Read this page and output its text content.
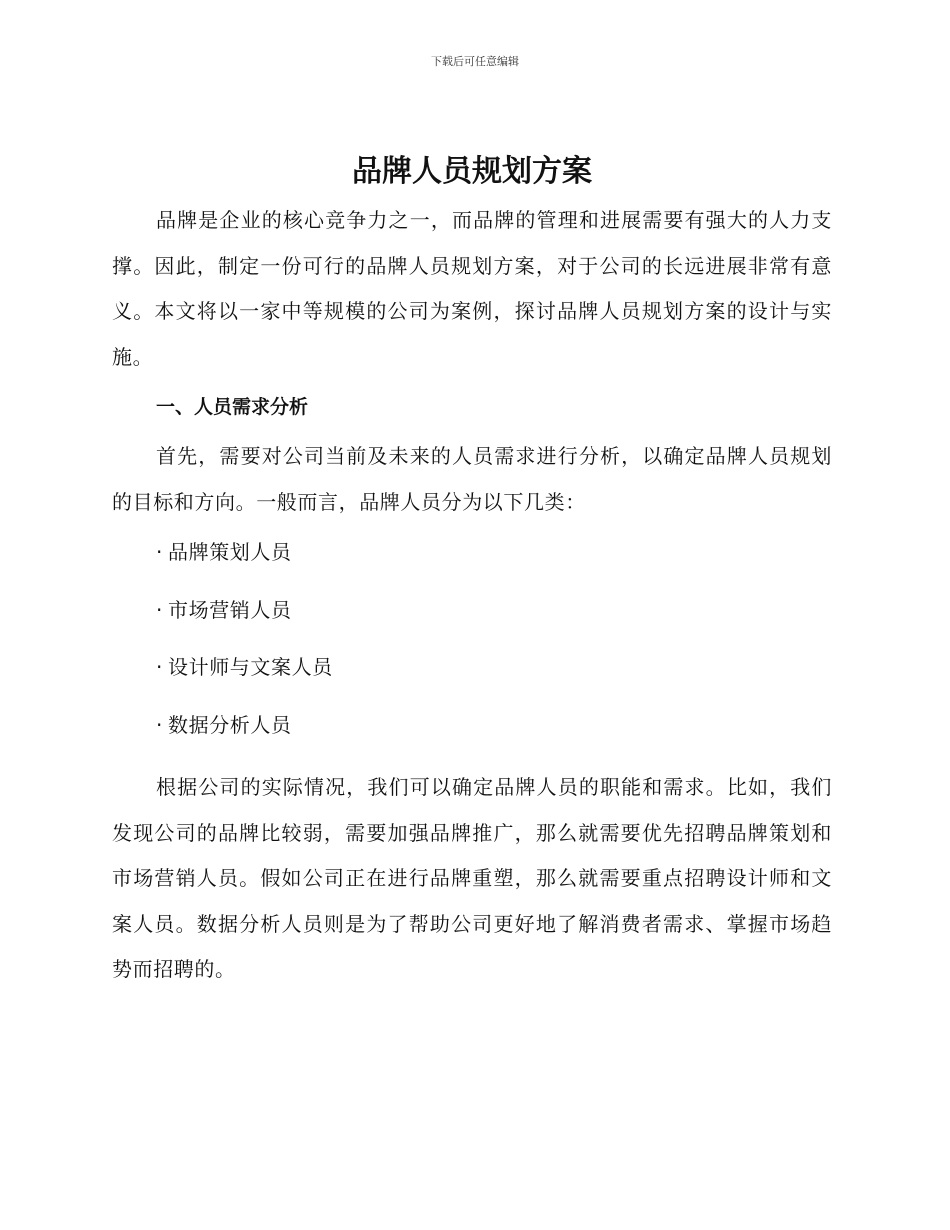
下载后可任意编辑
品牌人员规划方案

品牌是企业的核心竞争力之一，而品牌的管理和进展需要有强大的人力支撑。因此，制定一份可行的品牌人员规划方案，对于公司的长远进展非常有意义。本文将以一家中等规模的公司为案例，探讨品牌人员规划方案的设计与实施。

一、人员需求分析

首先，需要对公司当前及未来的人员需求进行分析，以确定品牌人员规划的目标和方向。一般而言，品牌人员分为以下几类：

· 品牌策划人员
· 市场营销人员
· 设计师与文案人员
· 数据分析人员

根据公司的实际情况，我们可以确定品牌人员的职能和需求。比如，我们发现公司的品牌比较弱，需要加强品牌推广，那么就需要优先招聘品牌策划和市场营销人员。假如公司正在进行品牌重塑，那么就需要重点招聘设计师和文案人员。数据分析人员则是为了帮助公司更好地了解消费者需求、掌握市场趋势而招聘的。
